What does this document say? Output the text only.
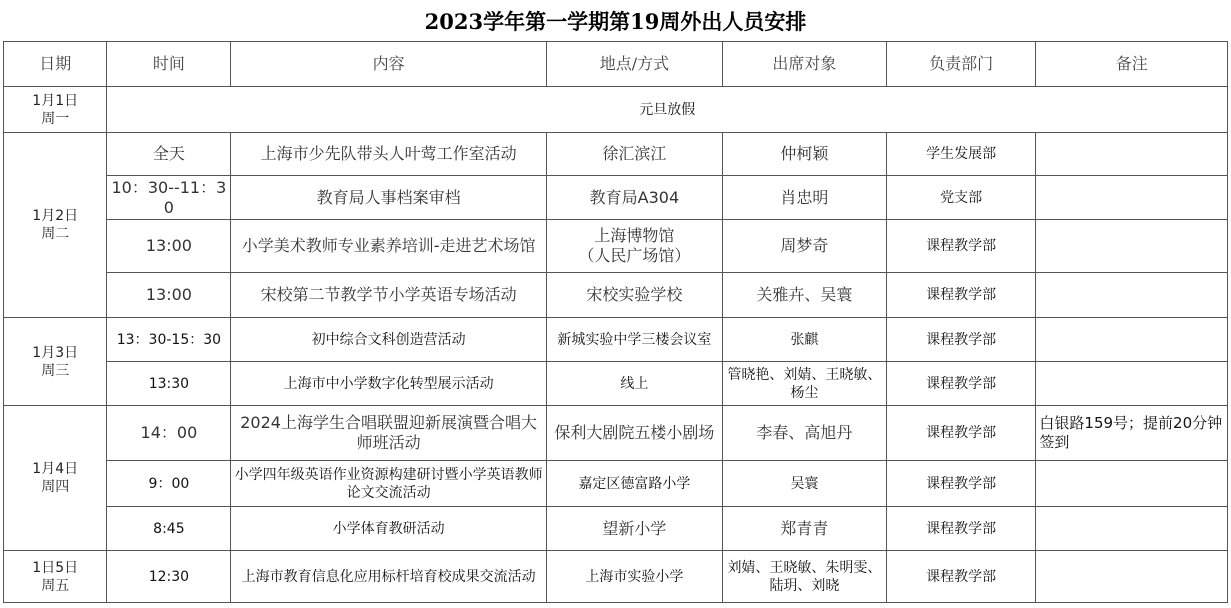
2023学年第一学期第19周外出人员安排
日期	时间	内容	地点/方式	出席对象	负责部门	备注

1月1日
周一	元旦放假					

1月2日
周二	全天	上海市少先队带头人叶莺工作室活动	徐汇滨江	仲柯颖	学生发展部	
	10：30--11：30	教育局人事档案审档	教育局A304	肖忠明	党支部	
	13:00	小学美术教师专业素养培训-走进艺术场馆	上海博物馆
（人民广场馆）	周梦奇	课程教学部	
	13:00	宋校第二节教学节小学英语专场活动	宋校实验学校	关雅卉、吴寰	课程教学部	

1月3日
周三	13：30-15：30	初中综合文科创造营活动	新城实验中学三楼会议室	张麒	课程教学部	
	13:30	上海市中小学数字化转型展示活动	线上	管晓艳、刘婧、王晓敏、杨尘	课程教学部	

1月4日
周四	14：00	2024上海学生合唱联盟迎新展演暨合唱大师班活动	保利大剧院五楼小剧场	李春、高旭丹	课程教学部	白银路159号；提前20分钟签到
	9：00	小学四年级英语作业资源构建研讨暨小学英语教师论文交流活动	嘉定区德富路小学	吴寰	课程教学部	
	8:45	小学体育教研活动	望新小学	郑青青	课程教学部	

1日5日
周五	12:30	上海市教育信息化应用标杆培育校成果交流活动	上海市实验小学	刘婧、王晓敏、朱明雯、陆玥、刘晓	课程教学部	
